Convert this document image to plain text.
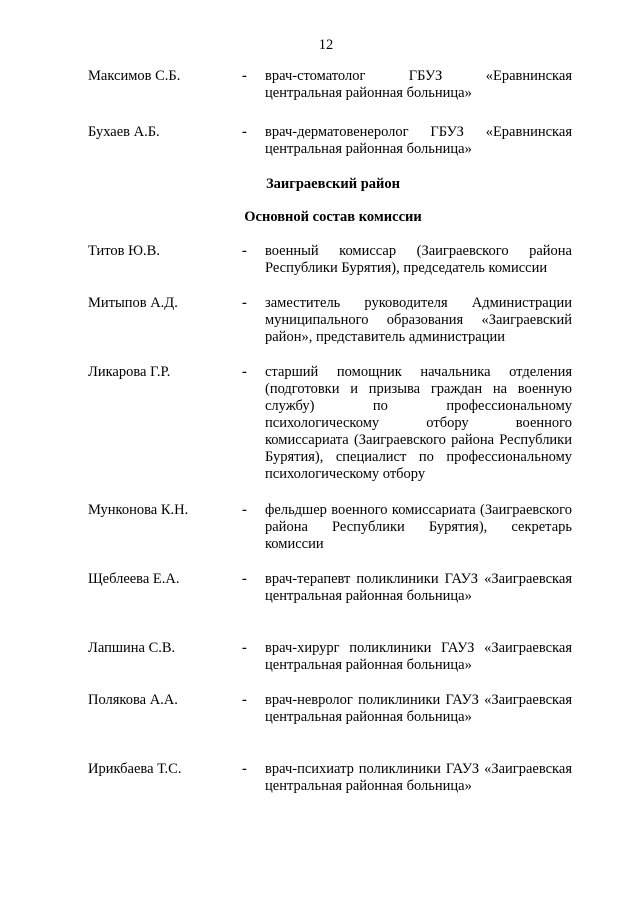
12
Максимов С.Б.	- врач-стоматолог ГБУЗ «Еравнинская центральная районная больница»
Бухаев А.Б.	- врач-дерматовенеролог ГБУЗ «Еравнинская центральная районная больница»
Заиграевский район
Основной состав комиссии
Титов Ю.В.	- военный комиссар (Заиграевского района Республики Бурятия), председатель комиссии
Митыпов А.Д.	- заместитель руководителя Администрации муниципального образования «Заиграевский район», представитель администрации
Ликарова Г.Р.	- старший помощник начальника отделения (подготовки и призыва граждан на военную службу) по профессиональному психологическому отбору военного комиссариата (Заиграевского района Республики Бурятия), специалист по профессиональному психологическому отбору
Мунконова К.Н.	- фельдшер военного комиссариата (Заиграевского района Республики Бурятия), секретарь комиссии
Щеблеева Е.А.	- врач-терапевт поликлиники ГАУЗ «Заиграевская центральная районная больница»
Лапшина С.В.	- врач-хирург поликлиники ГАУЗ «Заиграевская центральная районная больница»
Полякова А.А.	- врач-невролог поликлиники ГАУЗ «Заиграевская центральная районная больница»
Ирикбаева Т.С.	- врач-психиатр поликлиники ГАУЗ «Заиграевская центральная районная больница»
